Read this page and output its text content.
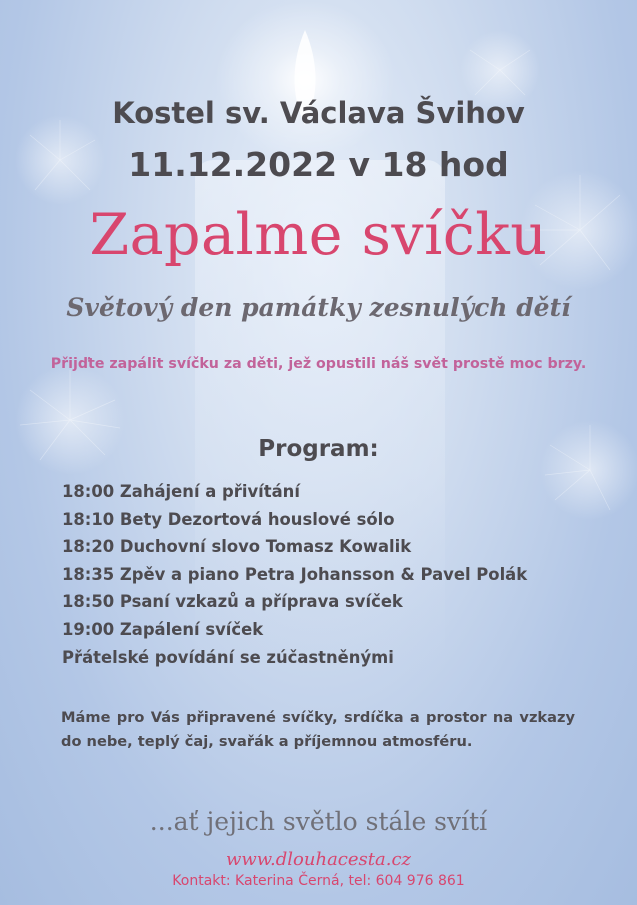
Kostel sv. Václava Švihov
11.12.2022 v 18 hod
Zapalme svíčku
Světový den památky zesnulých dětí
Přijďte zapálit svíčku za děti, jež opustili náš svět prostě moc brzy.
Program:
18:00 Zahájení a přivítání
18:10 Bety Dezortová houslové sólo
18:20 Duchovní slovo Tomasz Kowalik
18:35 Zpěv a piano Petra Johansson & Pavel Polák
18:50 Psaní vzkazů a příprava svíček
19:00 Zapálení svíček
Přátelské povídání se zúčastněnými
Máme pro Vás připravené svíčky, srdíčka a prostor na vzkazy do nebe, teplý čaj, svařák a příjemnou atmosféru.
...ať jejich světlo stále svítí
www.dlouhacesta.cz
Kontakt: Katerina Černá, tel: 604 976 861
